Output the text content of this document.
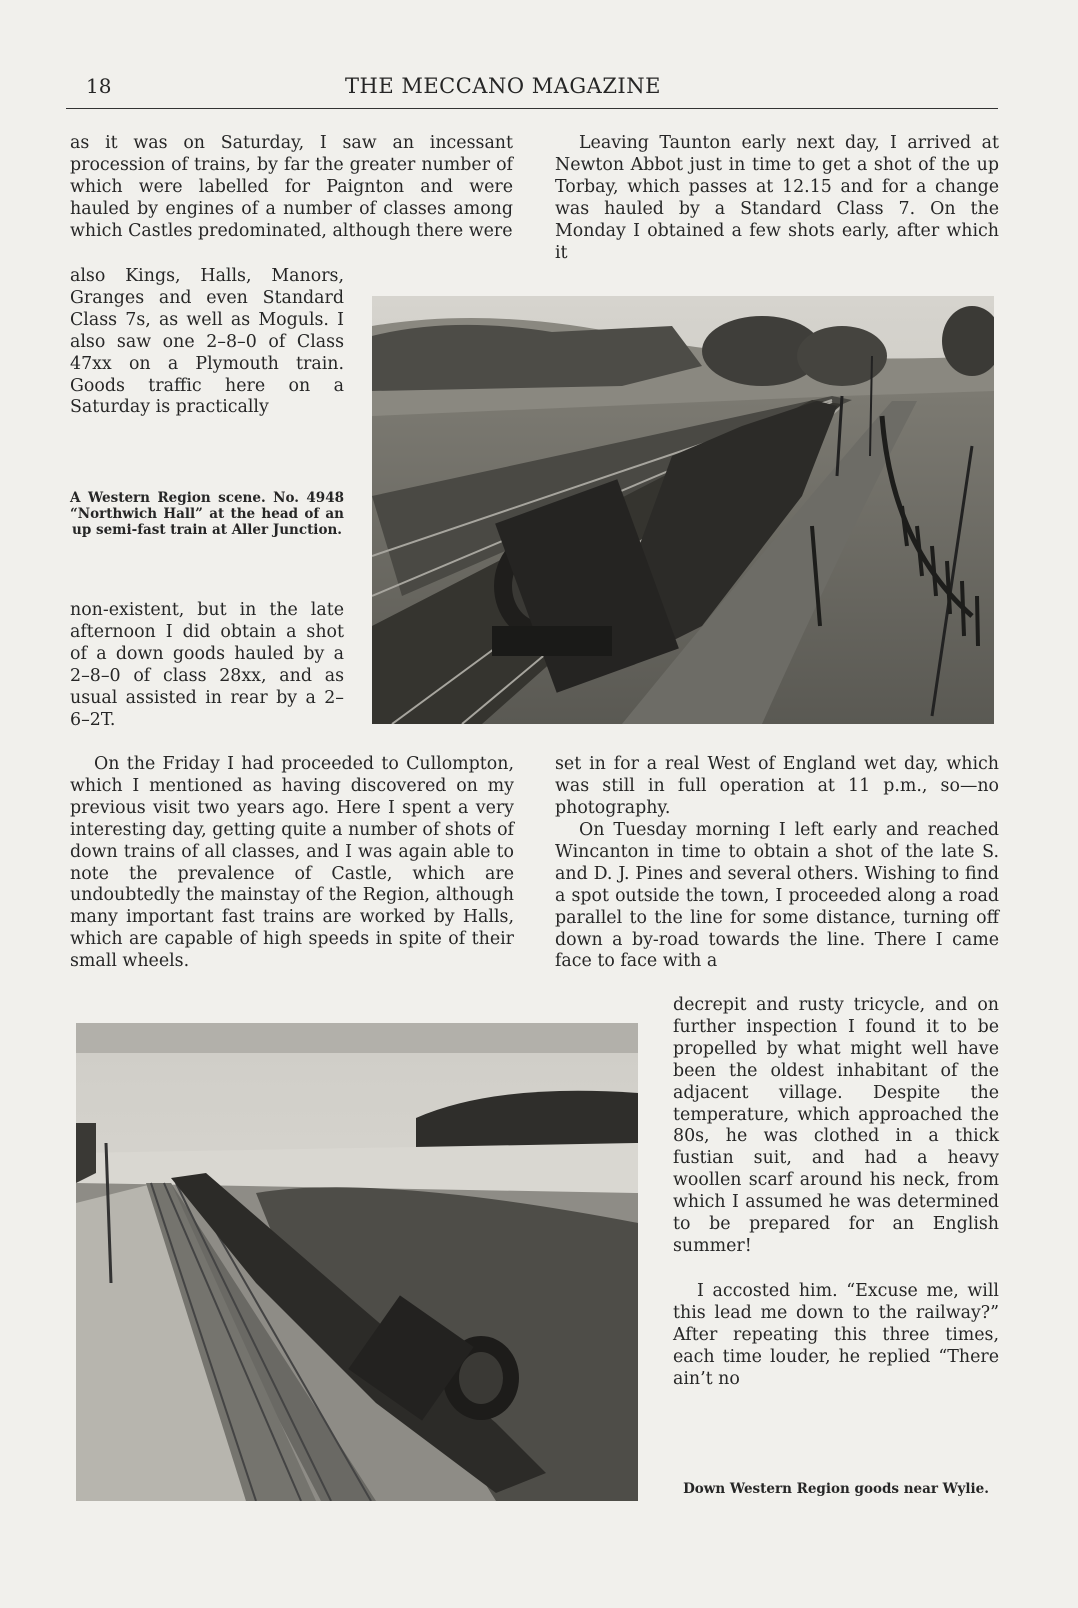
18	THE MECCANO MAGAZINE
as it was on Saturday, I saw an incessant procession of trains, by far the greater number of which were labelled for Paignton and were hauled by engines of a number of classes among which Castles predominated, although there were
also Kings, Halls, Manors, Granges and even Standard Class 7s, as well as Moguls. I also saw one 2–8–0 of Class 47xx on a Plymouth train. Goods traffic here on a Saturday is practically
A Western Region scene. No. 4948 “Northwich Hall” at the head of an up semi-fast train at Aller Junction.
non-existent, but in the late afternoon I did obtain a shot of a down goods hauled by a 2–8–0 of class 28xx, and as usual assisted in rear by a 2–6–2T.
On the Friday I had proceeded to Cullompton, which I mentioned as having discovered on my previous visit two years ago. Here I spent a very interesting day, getting quite a number of shots of down trains of all classes, and I was again able to note the prevalence of Castle, which are undoubtedly the mainstay of the Region, although many important fast trains are worked by Halls, which are capable of high speeds in spite of their small wheels.
Leaving Taunton early next day, I arrived at Newton Abbot just in time to get a shot of the up Torbay, which passes at 12.15 and for a change was hauled by a Standard Class 7. On the Monday I obtained a few shots early, after which it
set in for a real West of England wet day, which was still in full operation at 11 p.m., so—no photography.
On Tuesday morning I left early and reached Wincanton in time to obtain a shot of the late S. and D. J. Pines and several others. Wishing to find a spot outside the town, I proceeded along a road parallel to the line for some distance, turning off down a by-road towards the line. There I came face to face with a
decrepit and rusty tricycle, and on further inspection I found it to be propelled by what might well have been the oldest inhabitant of the adjacent village. Despite the temperature, which approached the 80s, he was clothed in a thick fustian suit, and had a heavy woollen scarf around his neck, from which I assumed he was determined to be prepared for an English summer!
I accosted him. “Excuse me, will this lead me down to the railway?” After repeating this three times, each time louder, he replied “There ain’t no
Down Western Region goods near Wylie.
